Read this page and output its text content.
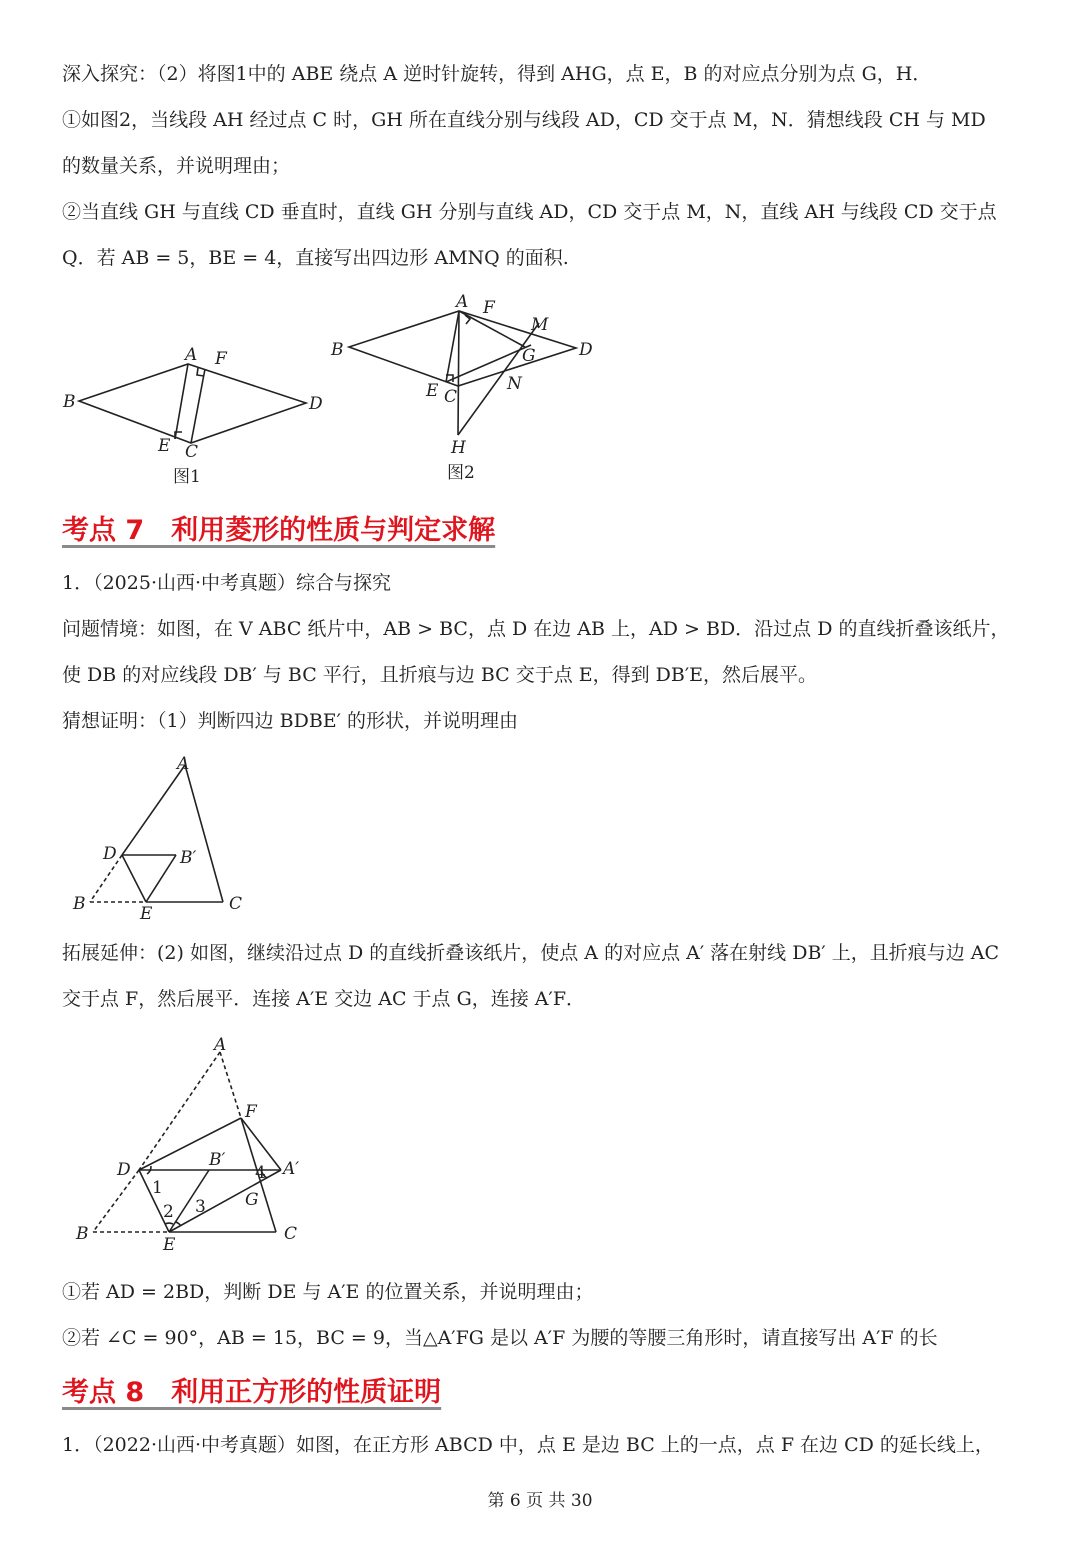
深入探究：（2）将图1中的 ABE 绕点 A 逆时针旋转，得到 AHG，点 E，B 的对应点分别为点 G，H．
①如图2，当线段 AH 经过点 C 时，GH 所在直线分别与线段 AD，CD 交于点 M，N．猜想线段 CH 与 MD
的数量关系，并说明理由；
②当直线 GH 与直线 CD 垂直时，直线 GH 分别与直线 AD，CD 交于点 M，N，直线 AH 与线段 CD 交于点
Q．若 AB = 5，BE = 4，直接写出四边形 AMNQ 的面积.
A F
B	D
E C
图1
A F
M
B	G	D
E C
N
H
图2
考点 7　利用菱形的性质与判定求解
1．（2025·山西·中考真题）综合与探究
问题情境：如图，在 V ABC 纸片中，AB > BC，点 D 在边 AB 上，AD > BD．沿过点 D 的直线折叠该纸片，
使 DB 的对应线段 DB′ 与 BC 平行，且折痕与边 BC 交于点 E，得到 DB′E，然后展平。
猜想证明：（1）判断四边 BDBE′ 的形状，并说明理由
A
D	B′
B	E	C
拓展延伸：(2) 如图，继续沿过点 D 的直线折叠该纸片，使点 A 的对应点 A′ 落在射线 DB′ 上，且折痕与边 AC
交于点 F，然后展平．连接 A′E 交边 AC 于点 G，连接 A′F．
A
F
D	B′	A′
G
B
E
C
1
2 3
4
①若 AD = 2BD，判断 DE 与 A′E 的位置关系，并说明理由；
②若 ∠C = 90°，AB = 15，BC = 9，当△A′FG 是以 A′F 为腰的等腰三角形时，请直接写出 A′F 的长
考点 8　利用正方形的性质证明
1．（2022·山西·中考真题）如图，在正方形 ABCD 中，点 E 是边 BC 上的一点，点 F 在边 CD 的延长线上，
第 6 页 共 30
